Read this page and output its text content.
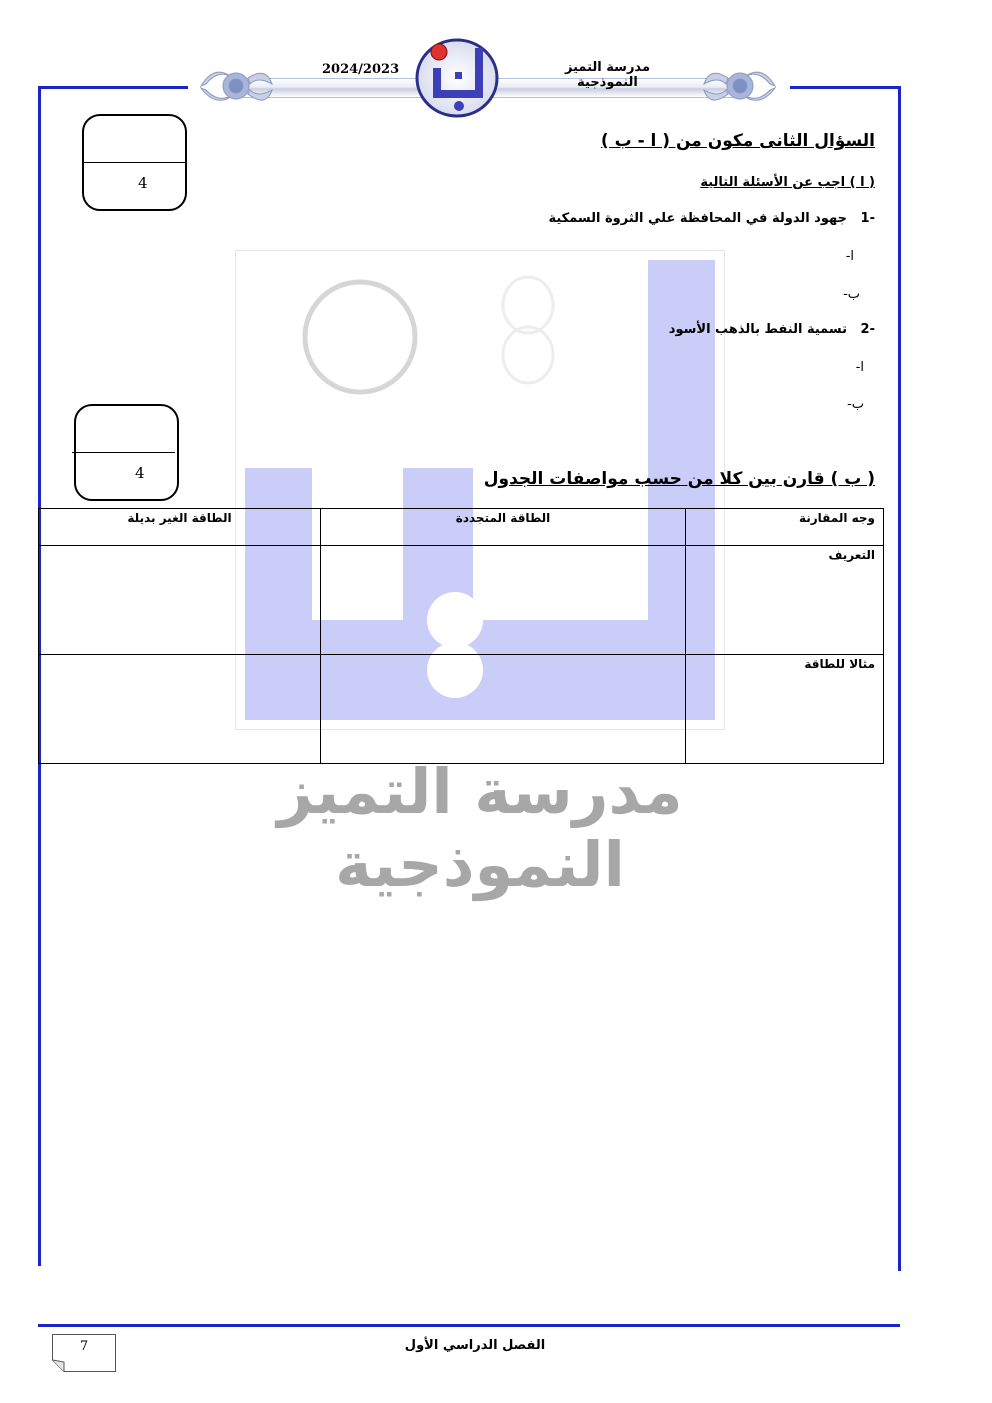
2024/2023	مدرسة التميز النموذجية
مدرسة التميز النموذجية
4
4
السؤال الثانى مكون من ( ا - ب )
( ا ) اجب عن الأسئلة التالية
-1   جهود الدولة في المحافظة علي الثروة السمكية
ا-
ب-
-2   تسمية النفط بالذهب الأسود
ا-
ب-
( ب ) قارن بين كلا من حسب مواصفات الجدول
وجه المقارنة	الطاقة المتجددة	الطاقة الغير بديلة
التعريف		
مثالا للطاقة		
الفصل الدراسي الأول
7
